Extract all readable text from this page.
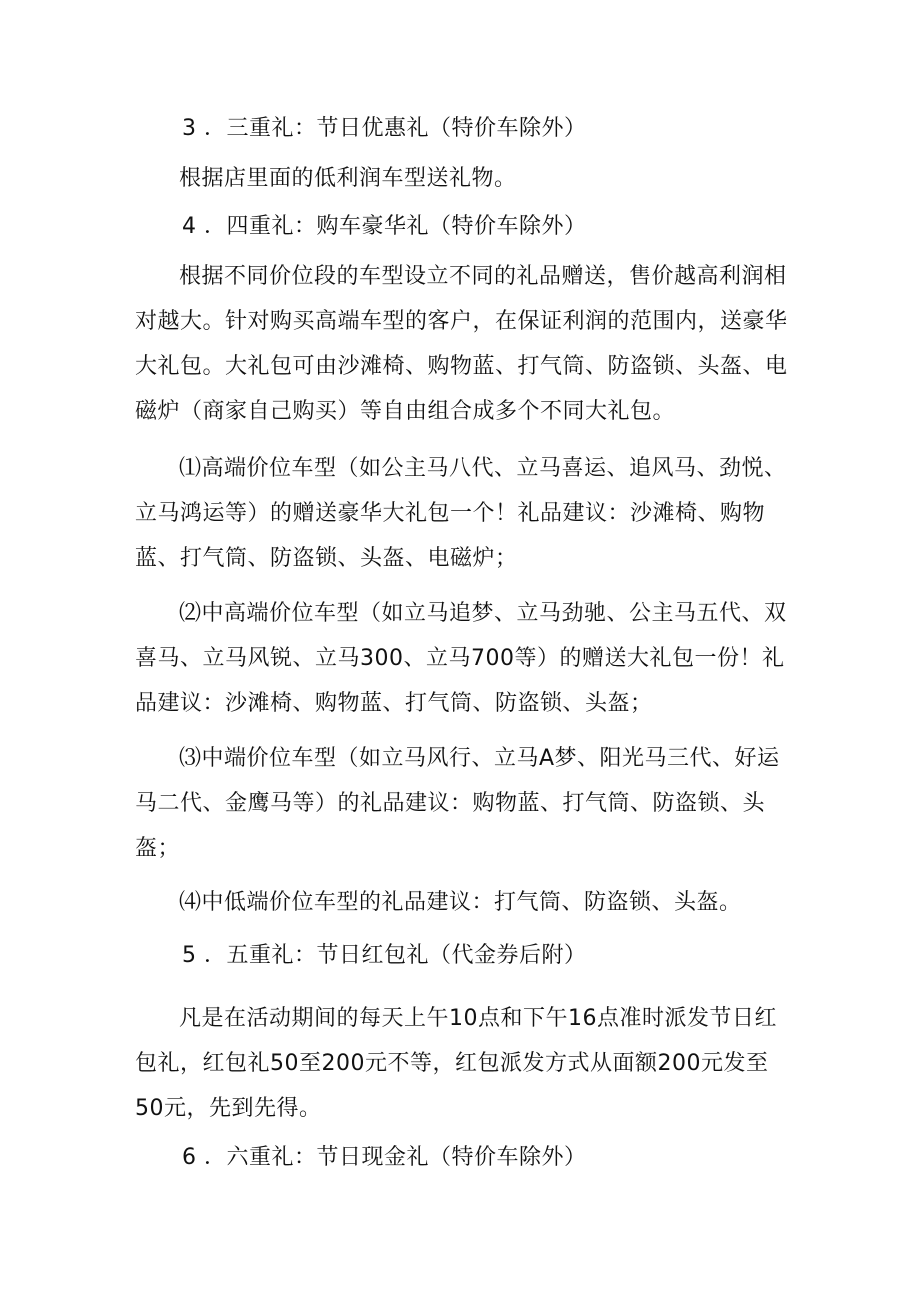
3 ．三重礼：节日优惠礼（特价车除外）
根据店里面的低利润车型送礼物。
4 ．四重礼：购车豪华礼（特价车除外）
根据不同价位段的车型设立不同的礼品赠送，售价越高利润相对越大。针对购买高端车型的客户，在保证利润的范围内，送豪华大礼包。大礼包可由沙滩椅、购物蓝、打气筒、防盗锁、头盔、电磁炉（商家自己购买）等自由组合成多个不同大礼包。
⑴高端价位车型（如公主马八代、立马喜运、追风马、劲悦、立马鸿运等）的赠送豪华大礼包一个！礼品建议：沙滩椅、购物蓝、打气筒、防盗锁、头盔、电磁炉；
⑵中高端价位车型（如立马追梦、立马劲驰、公主马五代、双喜马、立马风锐、立马300、立马700等）的赠送大礼包一份！礼品建议：沙滩椅、购物蓝、打气筒、防盗锁、头盔；
⑶中端价位车型（如立马风行、立马A梦、阳光马三代、好运马二代、金鹰马等）的礼品建议：购物蓝、打气筒、防盗锁、头盔；
⑷中低端价位车型的礼品建议：打气筒、防盗锁、头盔。
5 ．五重礼：节日红包礼（代金券后附）
凡是在活动期间的每天上午10点和下午16点准时派发节日红包礼，红包礼50至200元不等，红包派发方式从面额200元发至50元，先到先得。
6 ．六重礼：节日现金礼（特价车除外）
